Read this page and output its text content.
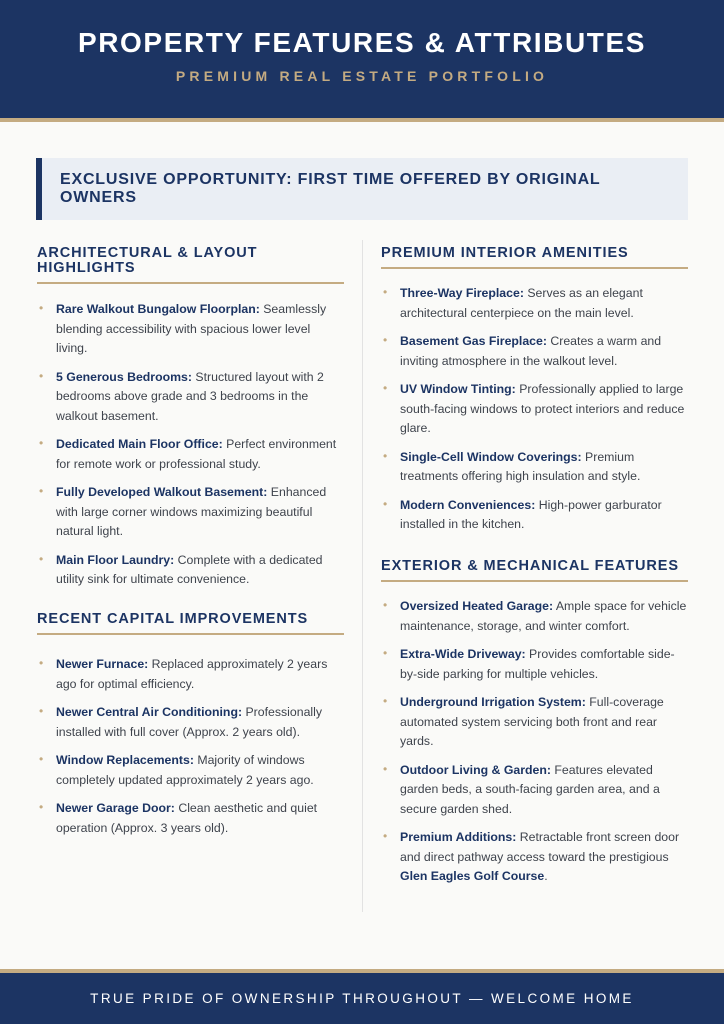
PROPERTY FEATURES & ATTRIBUTES
PREMIUM REAL ESTATE PORTFOLIO
EXCLUSIVE OPPORTUNITY: FIRST TIME OFFERED BY ORIGINAL OWNERS
ARCHITECTURAL & LAYOUT HIGHLIGHTS
• Rare Walkout Bungalow Floorplan: Seamlessly blending accessibility with spacious lower level living.
• 5 Generous Bedrooms: Structured layout with 2 bedrooms above grade and 3 bedrooms in the walkout basement.
• Dedicated Main Floor Office: Perfect environment for remote work or professional study.
• Fully Developed Walkout Basement: Enhanced with large corner windows maximizing beautiful natural light.
• Main Floor Laundry: Complete with a dedicated utility sink for ultimate convenience.
RECENT CAPITAL IMPROVEMENTS
• Newer Furnace: Replaced approximately 2 years ago for optimal efficiency.
• Newer Central Air Conditioning: Professionally installed with full cover (Approx. 2 years old).
• Window Replacements: Majority of windows completely updated approximately 2 years ago.
• Newer Garage Door: Clean aesthetic and quiet operation (Approx. 3 years old).
PREMIUM INTERIOR AMENITIES
• Three-Way Fireplace: Serves as an elegant architectural centerpiece on the main level.
• Basement Gas Fireplace: Creates a warm and inviting atmosphere in the walkout level.
• UV Window Tinting: Professionally applied to large south-facing windows to protect interiors and reduce glare.
• Single-Cell Window Coverings: Premium treatments offering high insulation and style.
• Modern Conveniences: High-power garburator installed in the kitchen.
EXTERIOR & MECHANICAL FEATURES
• Oversized Heated Garage: Ample space for vehicle maintenance, storage, and winter comfort.
• Extra-Wide Driveway: Provides comfortable side-by-side parking for multiple vehicles.
• Underground Irrigation System: Full-coverage automated system servicing both front and rear yards.
• Outdoor Living & Garden: Features elevated garden beds, a south-facing garden area, and a secure garden shed.
• Premium Additions: Retractable front screen door and direct pathway access toward the prestigious Glen Eagles Golf Course.
TRUE PRIDE OF OWNERSHIP THROUGHOUT — WELCOME HOME
